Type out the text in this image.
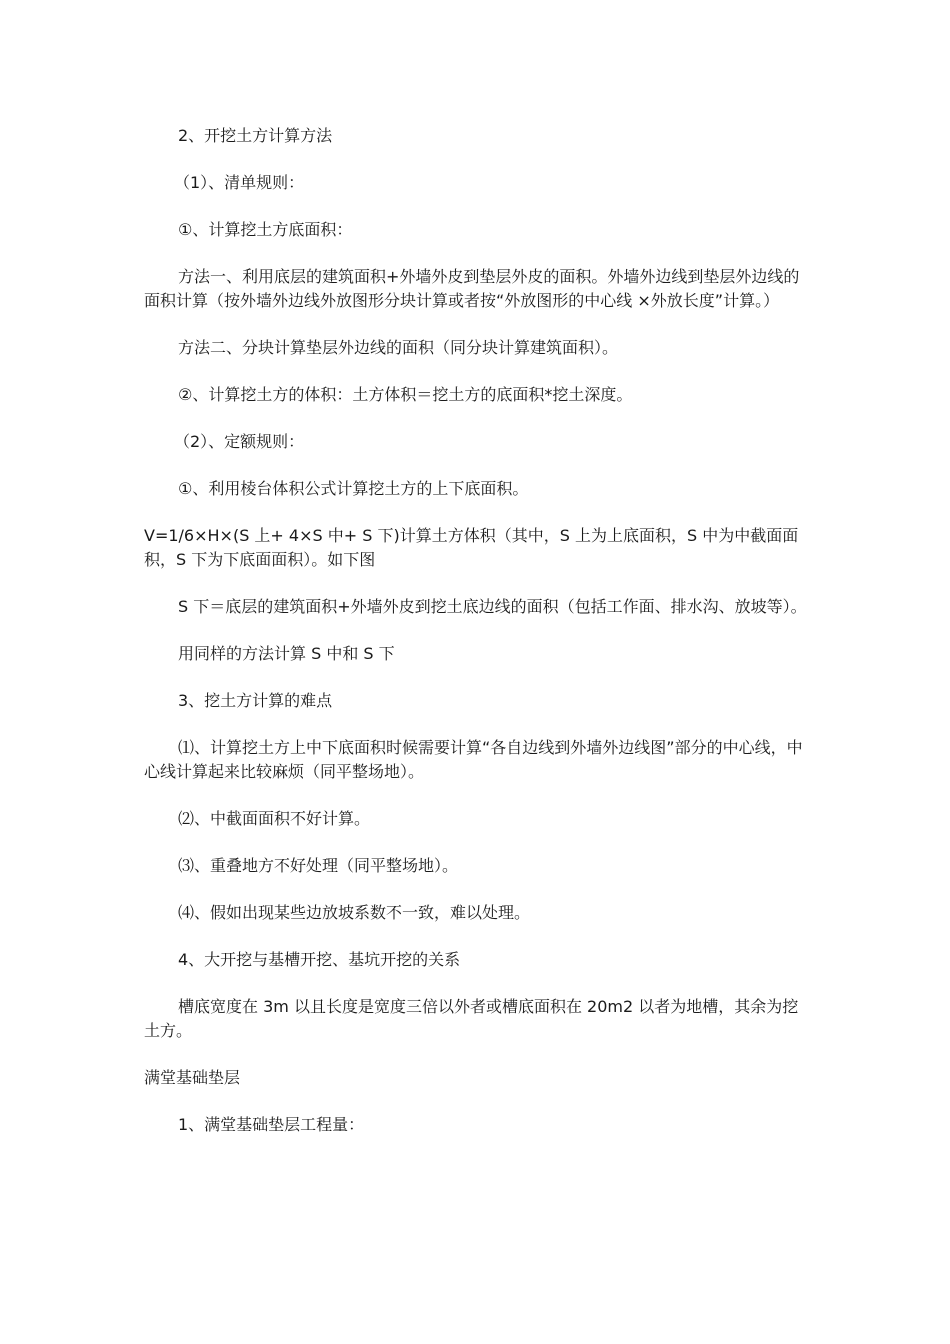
2、开挖土方计算方法

（1）、清单规则：

①、计算挖土方底面积：

方法一、利用底层的建筑面积+外墙外皮到垫层外皮的面积。外墙外边线到垫层外边线的面积计算（按外墙外边线外放图形分块计算或者按“外放图形的中心线 ×外放长度”计算。）

方法二、分块计算垫层外边线的面积（同分块计算建筑面积）。

②、计算挖土方的体积：土方体积＝挖土方的底面积*挖土深度。

（2）、定额规则：

①、利用棱台体积公式计算挖土方的上下底面积。

V=1/6×H×(S 上+ 4×S 中+ S 下)计算土方体积（其中，S 上为上底面积，S 中为中截面面积，S 下为下底面面积）。如下图

S 下＝底层的建筑面积+外墙外皮到挖土底边线的面积（包括工作面、排水沟、放坡等）。

用同样的方法计算 S 中和 S 下

3、挖土方计算的难点

⑴、计算挖土方上中下底面积时候需要计算“各自边线到外墙外边线图”部分的中心线，中心线计算起来比较麻烦（同平整场地）。

⑵、中截面面积不好计算。

⑶、重叠地方不好处理（同平整场地）。

⑷、假如出现某些边放坡系数不一致，难以处理。

4、大开挖与基槽开挖、基坑开挖的关系

槽底宽度在 3m 以且长度是宽度三倍以外者或槽底面积在 20m2 以者为地槽，其余为挖土方。

满堂基础垫层

1、满堂基础垫层工程量：
